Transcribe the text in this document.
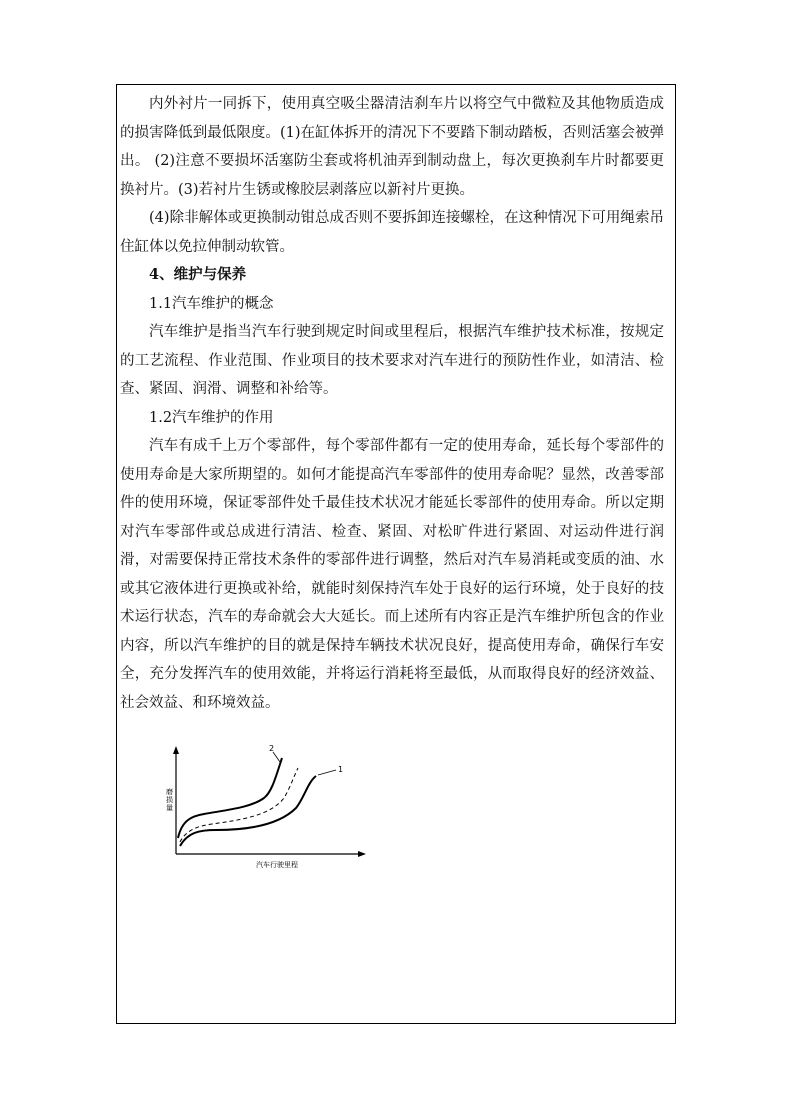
内外衬片一同拆下，使用真空吸尘器清洁刹车片以将空气中微粒及其他物质造成的损害降低到最低限度。(1)在缸体拆开的清况下不要踏下制动踏板，否则活塞会被弹出。 (2)注意不要损坏活塞防尘套或将机油弄到制动盘上，每次更换刹车片时都要更换衬片。(3)若衬片生锈或橡胶层剥落应以新衬片更换。

(4)除非解体或更换制动钳总成否则不要拆卸连接螺栓，在这种情况下可用绳索吊住缸体以免拉伸制动软管。

4、维护与保养

1.1汽车维护的概念

汽车维护是指当汽车行驶到规定时间或里程后，根据汽车维护技术标准，按规定的工艺流程、作业范围、作业项目的技术要求对汽车进行的预防性作业，如清洁、检查、紧固、润滑、调整和补给等。

1.2汽车维护的作用

汽车有成千上万个零部件，每个零部件都有一定的使用寿命，延长每个零部件的使用寿命是大家所期望的。如何才能提高汽车零部件的使用寿命呢？显然，改善零部件的使用环境，保证零部件处千最佳技术状况才能延长零部件的使用寿命。所以定期对汽车零部件或总成进行清洁、检查、紧固、对松旷件进行紧固、对运动件进行润滑，对需要保持正常技术条件的零部件进行调整，然后对汽车易消耗或变质的油、水或其它液体进行更换或补给，就能时刻保持汽车处于良好的运行环境，处于良好的技术运行状态，汽车的寿命就会大大延长。而上述所有内容正是汽车维护所包含的作业内容，所以汽车维护的目的就是保持车辆技术状况良好，提高使用寿命，确保行车安全，充分发挥汽车的使用效能，并将运行消耗将至最低，从而取得良好的经济效益、社会效益、和环境效益。

2
1
磨损量
汽车行驶里程
